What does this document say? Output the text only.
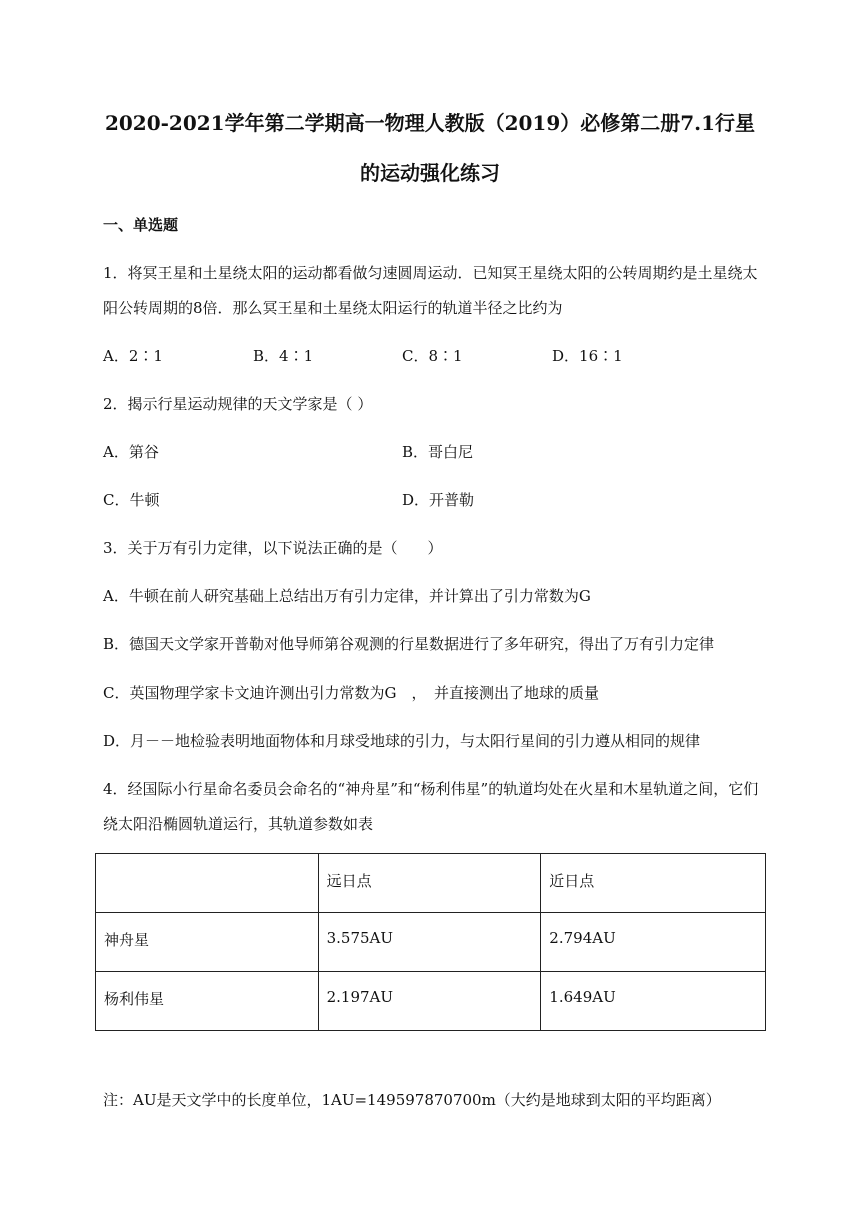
2020-2021学年第二学期高一物理人教版（2019）必修第二册7.1行星
的运动强化练习
一、单选题
1．将冥王星和土星绕太阳的运动都看做匀速圆周运动．已知冥王星绕太阳的公转周期约是土星绕太
阳公转周期的8倍．那么冥王星和土星绕太阳运行的轨道半径之比约为
A．2∶1	B．4∶1	C．8∶1	D．16∶1
2．揭示行星运动规律的天文学家是（ ）
A．第谷	B．哥白尼
C．牛顿	D．开普勒
3．关于万有引力定律，以下说法正确的是（　　）
A．牛顿在前人研究基础上总结出万有引力定律，并计算出了引力常数为G
B．德国天文学家开普勒对他导师第谷观测的行星数据进行了多年研究，得出了万有引力定律
C．英国物理学家卡文迪许测出引力常数为G　，　并直接测出了地球的质量
D．月－－地检验表明地面物体和月球受地球的引力，与太阳行星间的引力遵从相同的规律
4．经国际小行星命名委员会命名的“神舟星”和“杨利伟星”的轨道均处在火星和木星轨道之间，它们
绕太阳沿椭圆轨道运行，其轨道参数如表
	远日点	近日点
神舟星	3.575AU	2.794AU
杨利伟星	2.197AU	1.649AU
注：AU是天文学中的长度单位，1AU=149597870700m（大约是地球到太阳的平均距离）
